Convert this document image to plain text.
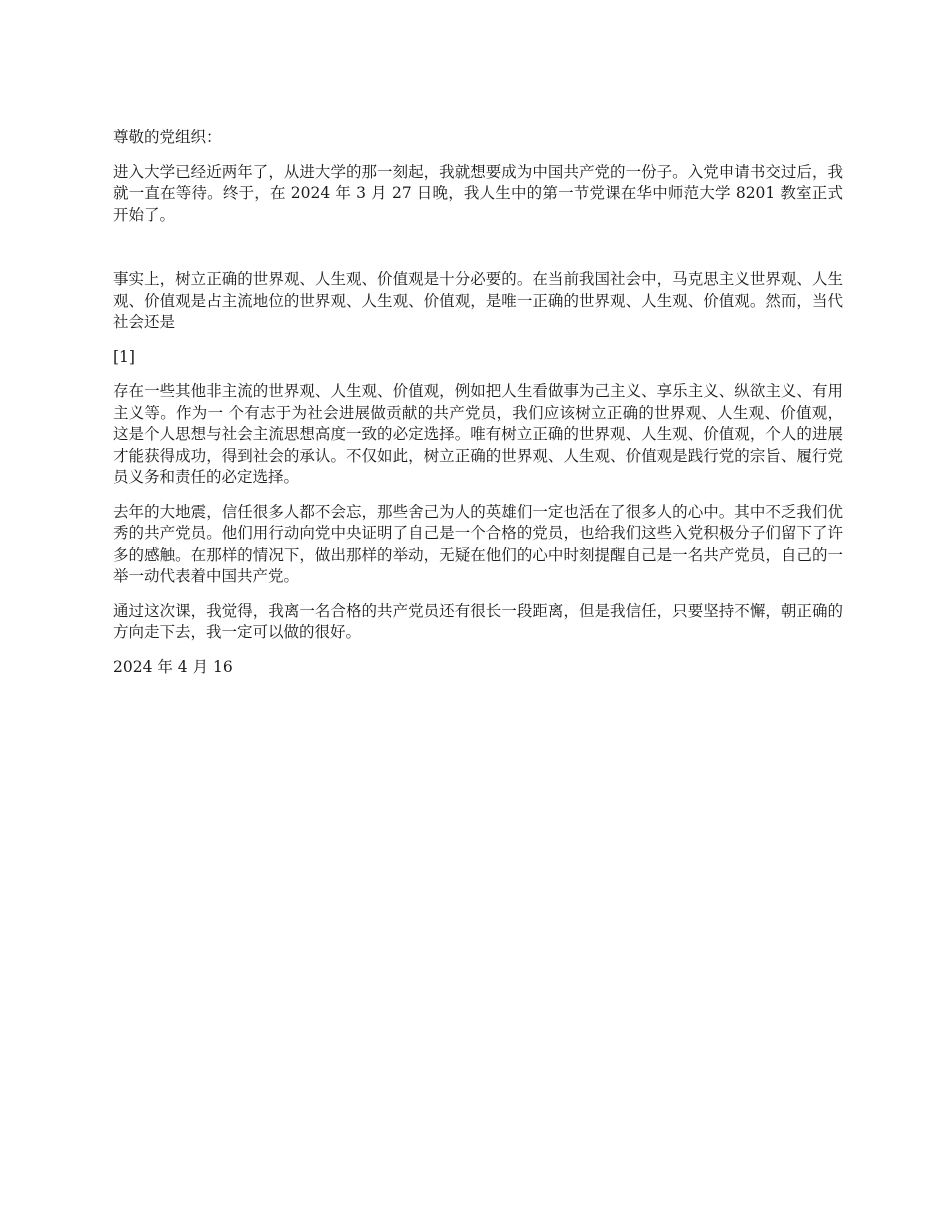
尊敬的党组织：

进入大学已经近两年了，从进大学的那一刻起，我就想要成为中国共产党的一份子。入党申请书交过后，我就一直在等待。终于，在 2024 年 3 月 27 日晚，我人生中的第一节党课在华中师范大学 8201 教室正式开始了。

事实上，树立正确的世界观、人生观、价值观是十分必要的。在当前我国社会中，马克思主义世界观、人生观、价值观是占主流地位的世界观、人生观、价值观，是唯一正确的世界观、人生观、价值观。然而，当代社会还是

[1]

存在一些其他非主流的世界观、人生观、价值观，例如把人生看做事为己主义、享乐主义、纵欲主义、有用主义等。作为一 个有志于为社会进展做贡献的共产党员，我们应该树立正确的世界观、人生观、价值观，这是个人思想与社会主流思想高度一致的必定选择。唯有树立正确的世界观、人生观、价值观，个人的进展才能获得成功，得到社会的承认。不仅如此，树立正确的世界观、人生观、价值观是践行党的宗旨、履行党员义务和责任的必定选择。

去年的大地震，信任很多人都不会忘，那些舍己为人的英雄们一定也活在了很多人的心中。其中不乏我们优秀的共产党员。他们用行动向党中央证明了自己是一个合格的党员，也给我们这些入党积极分子们留下了许多的感触。在那样的情况下，做出那样的举动，无疑在他们的心中时刻提醒自己是一名共产党员，自己的一举一动代表着中国共产党。

通过这次课，我觉得，我离一名合格的共产党员还有很长一段距离，但是我信任，只要坚持不懈，朝正确的方向走下去，我一定可以做的很好。

2024 年 4 月 16
